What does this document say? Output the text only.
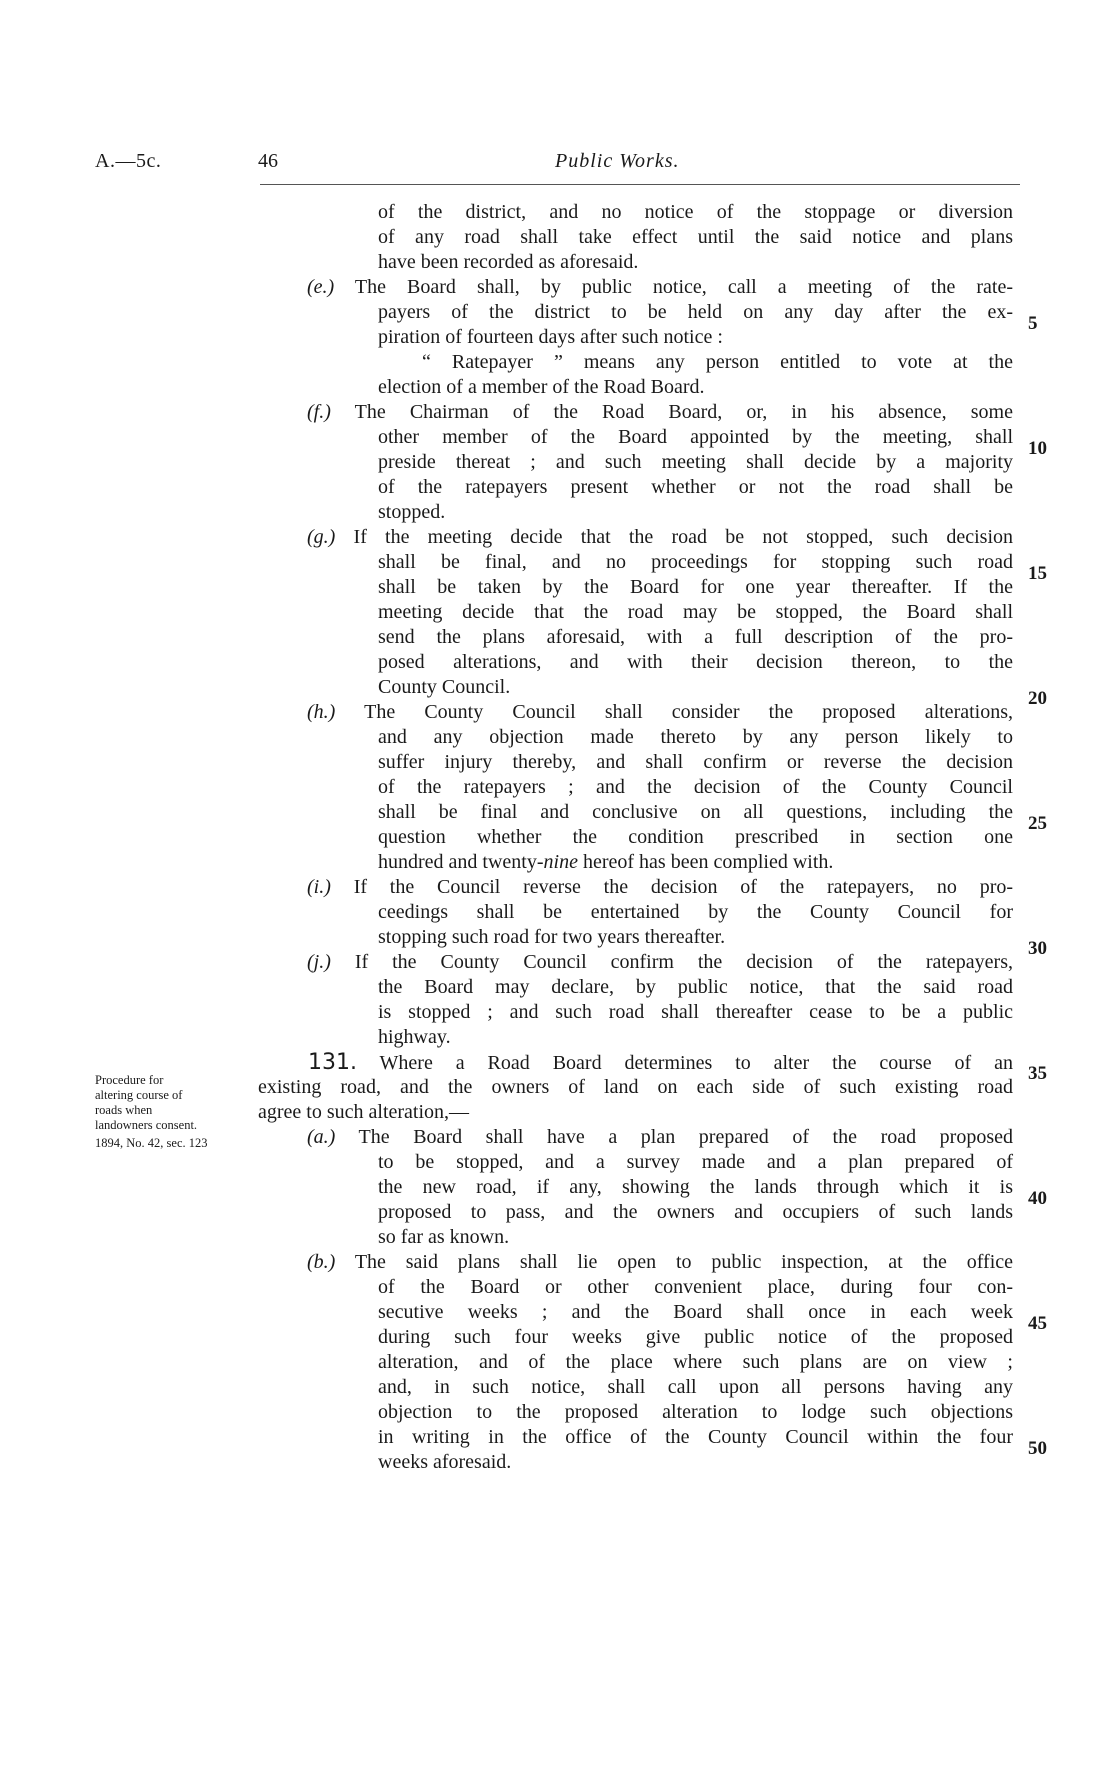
A.—5c.	46	Public Works.
of the district, and no notice of the stoppage or diversion
of any road shall take effect until the said notice and plans
have been recorded as aforesaid.
(e.) The Board shall, by public notice, call a meeting of the rate-
payers of the district to be held on any day after the ex-
piration of fourteen days after such notice :
“ Ratepayer ” means any person entitled to vote at the
election of a member of the Road Board.
(f.) The Chairman of the Road Board, or, in his absence, some
other member of the Board appointed by the meeting, shall
preside thereat ; and such meeting shall decide by a majority
of the ratepayers present whether or not the road shall be
stopped.
(g.) If the meeting decide that the road be not stopped, such decision
shall be final, and no proceedings for stopping such road
shall be taken by the Board for one year thereafter. If the
meeting decide that the road may be stopped, the Board shall
send the plans aforesaid, with a full description of the pro-
posed alterations, and with their decision thereon, to the
County Council.
(h.) The County Council shall consider the proposed alterations,
and any objection made thereto by any person likely to
suffer injury thereby, and shall confirm or reverse the decision
of the ratepayers ; and the decision of the County Council
shall be final and conclusive on all questions, including the
question whether the condition prescribed in section one
hundred and twenty-nine hereof has been complied with.
(i.) If the Council reverse the decision of the ratepayers, no pro-
ceedings shall be entertained by the County Council for
stopping such road for two years thereafter.
(j.) If the County Council confirm the decision of the ratepayers,
the Board may declare, by public notice, that the said road
is stopped ; and such road shall thereafter cease to be a public
highway.
131. Where a Road Board determines to alter the course of an
existing road, and the owners of land on each side of such existing road
agree to such alteration,—
(a.) The Board shall have a plan prepared of the road proposed
to be stopped, and a survey made and a plan prepared of
the new road, if any, showing the lands through which it is
proposed to pass, and the owners and occupiers of such lands
so far as known.
(b.) The said plans shall lie open to public inspection, at the office
of the Board or other convenient place, during four con-
secutive weeks ; and the Board shall once in each week
during such four weeks give public notice of the proposed
alteration, and of the place where such plans are on view ;
and, in such notice, shall call upon all persons having any
objection to the proposed alteration to lodge such objections
in writing in the office of the County Council within the four
weeks aforesaid.
Procedure for
altering course of
roads when
landowners consent.
1894, No. 42, sec. 123
5
10
15
20
25
30
35
40
45
50
